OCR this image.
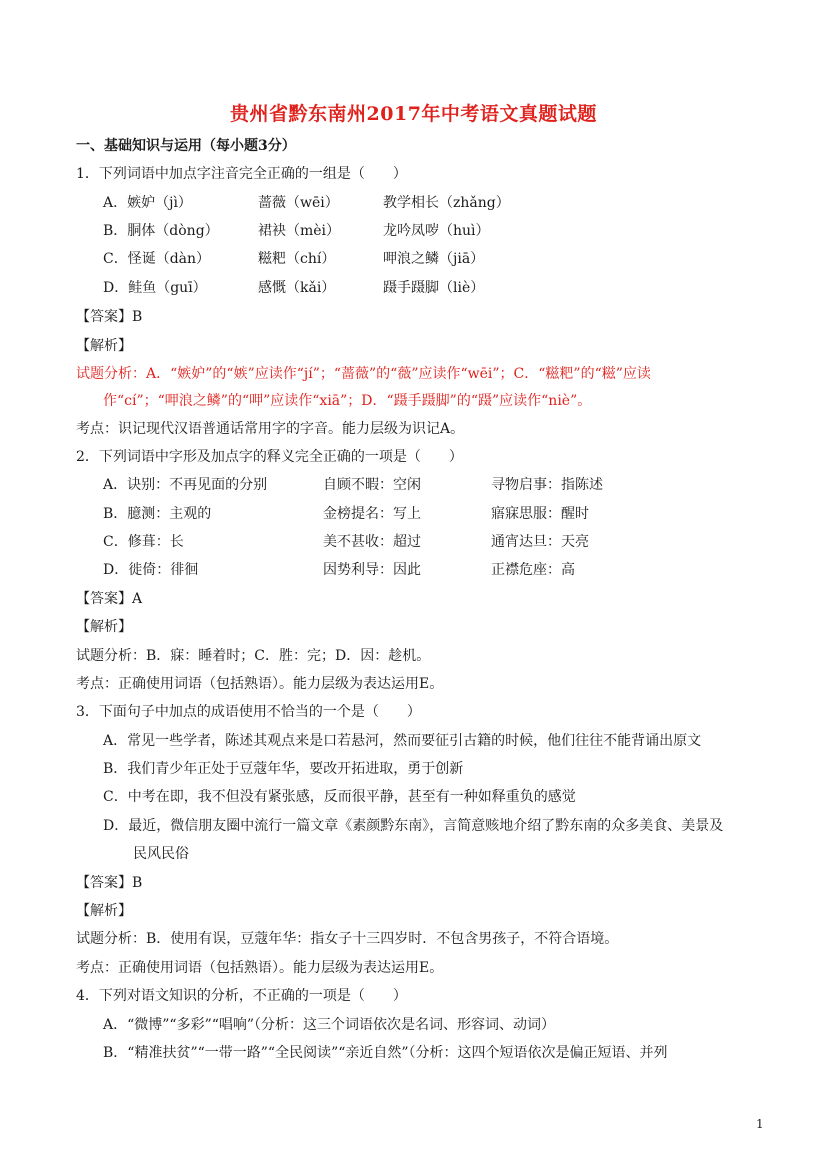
贵州省黔东南州2017年中考语文真题试题
一、基础知识与运用（每小题3分）
1．下列词语中加点字注音完全正确的一组是（　　）
A．嫉妒（jì）	蔷薇（wēi）	教学相长（zhǎng）
B．胴体（dòng）	裙袂（mèi）	龙吟凤哕（huì）
C．怪诞（dàn）	糍粑（chí）	呷浪之鳞（jiā）
D．鲑鱼（guī）	感慨（kǎi）	蹑手蹑脚（liè）
【答案】B
【解析】
试题分析：A．“嫉妒”的“嫉”应读作“jí”；“蔷薇”的“薇”应读作“wēi”；C．“糍粑”的“糍”应读
作“cí”；“呷浪之鳞”的“呷”应读作“xiā”；D．“蹑手蹑脚”的“蹑”应读作“niè”。
考点：识记现代汉语普通话常用字的字音。能力层级为识记A。
2．下列词语中字形及加点字的释义完全正确的一项是（　　）
A．诀别：不再见面的分别	自顾不暇：空闲	寻物启事：指陈述
B．臆测：主观的	金榜提名：写上	寤寐思服：醒时
C．修葺：长	美不甚收：超过	通宵达旦：天亮
D．徙倚：徘徊	因势利导：因此	正襟危座：高
【答案】A
【解析】
试题分析：B．寐：睡着时；C．胜：完；D．因：趁机。
考点：正确使用词语（包括熟语）。能力层级为表达运用E。
3．下面句子中加点的成语使用不恰当的一个是（　　）
A．常见一些学者，陈述其观点来是口若悬河，然而要征引古籍的时候，他们往往不能背诵出原文
B．我们青少年正处于豆蔻年华，要改开拓进取，勇于创新
C．中考在即，我不但没有紧张感，反而很平静，甚至有一种如释重负的感觉
D．最近，微信朋友圈中流行一篇文章《素颜黔东南》，言简意赅地介绍了黔东南的众多美食、美景及
民风民俗
【答案】B
【解析】
试题分析：B．使用有误，豆蔻年华：指女子十三四岁时．不包含男孩子，不符合语境。
考点：正确使用词语（包括熟语）。能力层级为表达运用E。
4．下列对语文知识的分析，不正确的一项是（　　）
A．“微博”“多彩”“唱响”（分析：这三个词语依次是名词、形容词、动词）
B．“精准扶贫”“一带一路”“全民阅读”“亲近自然”（分析：这四个短语依次是偏正短语、并列
1
